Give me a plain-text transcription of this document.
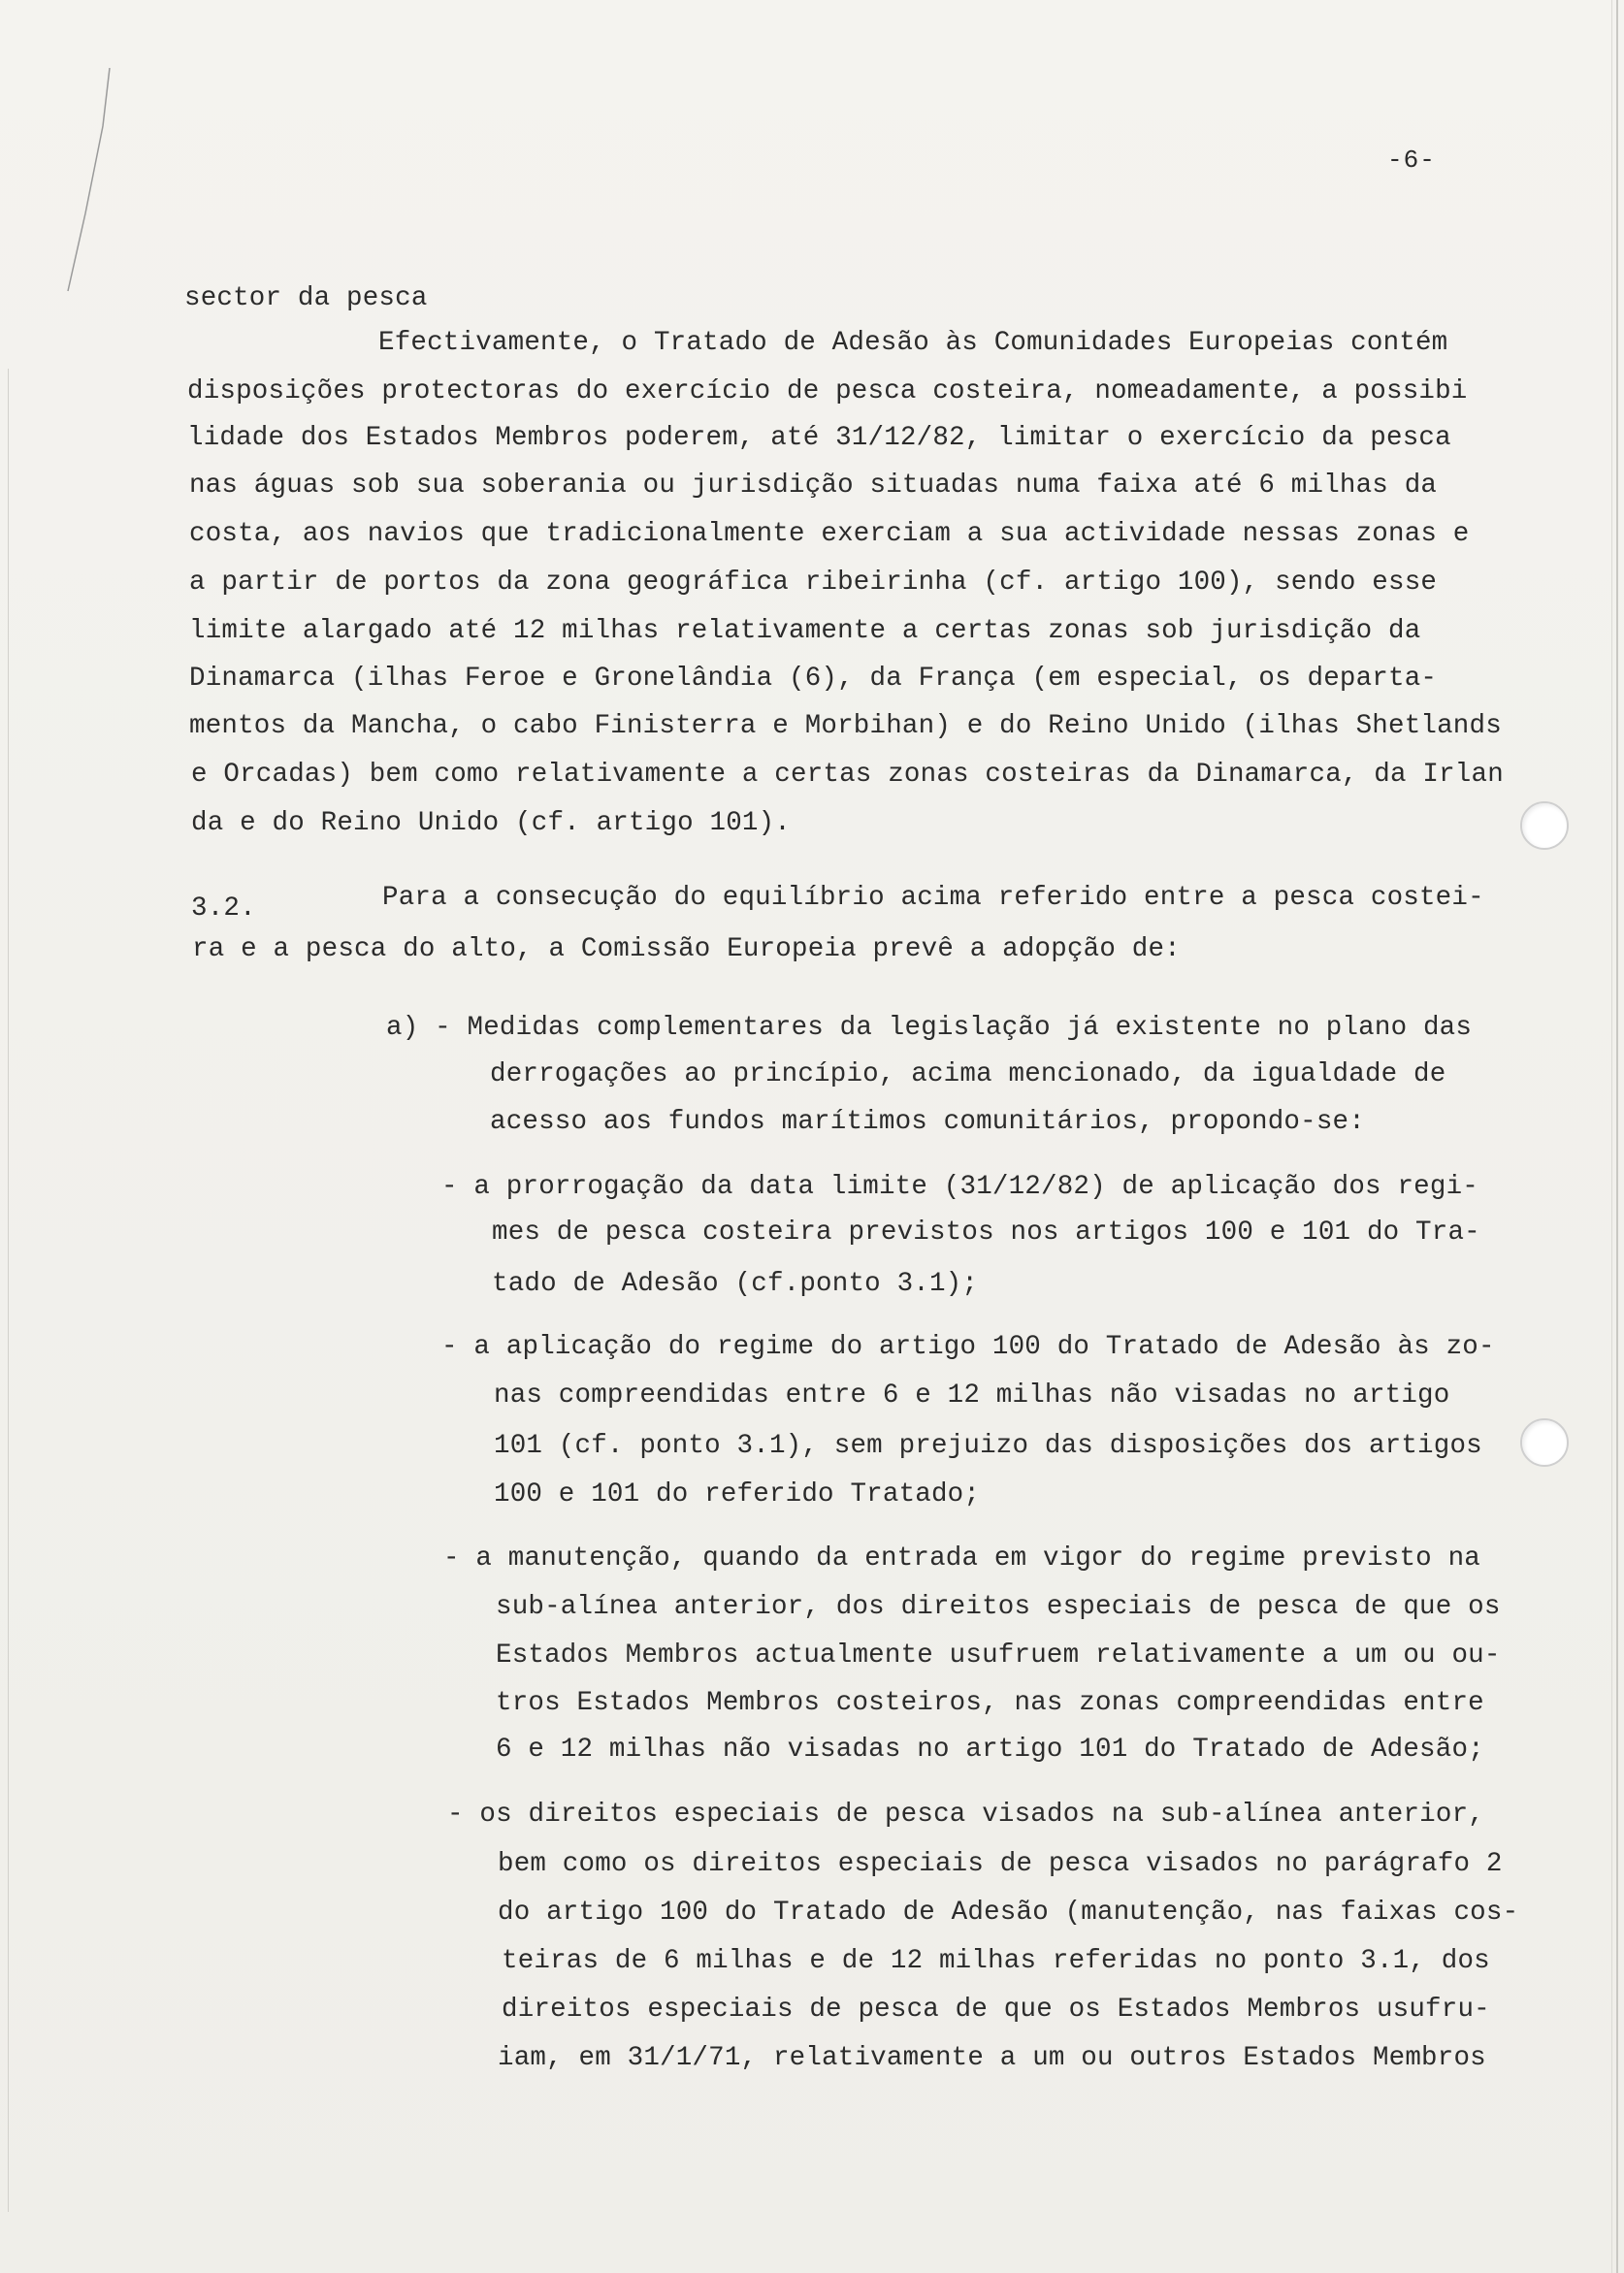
-6-
sector da pesca
Efectivamente, o Tratado de Adesão às Comunidades Europeias contém
disposições protectoras do exercício de pesca costeira, nomeadamente, a possibi
lidade dos Estados Membros poderem, até 31/12/82, limitar o exercício da pesca
nas águas sob sua soberania ou jurisdição situadas numa faixa até 6 milhas da
costa, aos navios que tradicionalmente exerciam a sua actividade nessas zonas e
a partir de portos da zona geográfica ribeirinha (cf. artigo 100), sendo esse
limite alargado até 12 milhas relativamente a certas zonas sob jurisdição da
Dinamarca (ilhas Feroe e Gronelândia (6), da França (em especial, os departa-
mentos da Mancha, o cabo Finisterra e Morbihan) e do Reino Unido (ilhas Shetlands
e Orcadas) bem como relativamente a certas zonas costeiras da Dinamarca, da Irlan
da e do Reino Unido (cf. artigo 101).
3.2.	Para a consecução do equilíbrio acima referido entre a pesca costei-
ra e a pesca do alto, a Comissão Europeia prevê a adopção de:
a) - Medidas complementares da legislação já existente no plano das
derrogações ao princípio, acima mencionado, da igualdade de
acesso aos fundos marítimos comunitários, propondo-se:
- a prorrogação da data limite (31/12/82) de aplicação dos regi-
mes de pesca costeira previstos nos artigos 100 e 101 do Tra-
tado de Adesão (cf.ponto 3.1);
- a aplicação do regime do artigo 100 do Tratado de Adesão às zo-
nas compreendidas entre 6 e 12 milhas não visadas no artigo
101 (cf. ponto 3.1), sem prejuizo das disposições dos artigos
100 e 101 do referido Tratado;
- a manutenção, quando da entrada em vigor do regime previsto na
sub-alínea anterior, dos direitos especiais de pesca de que os
Estados Membros actualmente usufruem relativamente a um ou ou-
tros Estados Membros costeiros, nas zonas compreendidas entre
6 e 12 milhas não visadas no artigo 101 do Tratado de Adesão;
- os direitos especiais de pesca visados na sub-alínea anterior,
bem como os direitos especiais de pesca visados no parágrafo 2
do artigo 100 do Tratado de Adesão (manutenção, nas faixas cos-
teiras de 6 milhas e de 12 milhas referidas no ponto 3.1, dos
direitos especiais de pesca de que os Estados Membros usufru-
iam, em 31/1/71, relativamente a um ou outros Estados Membros
